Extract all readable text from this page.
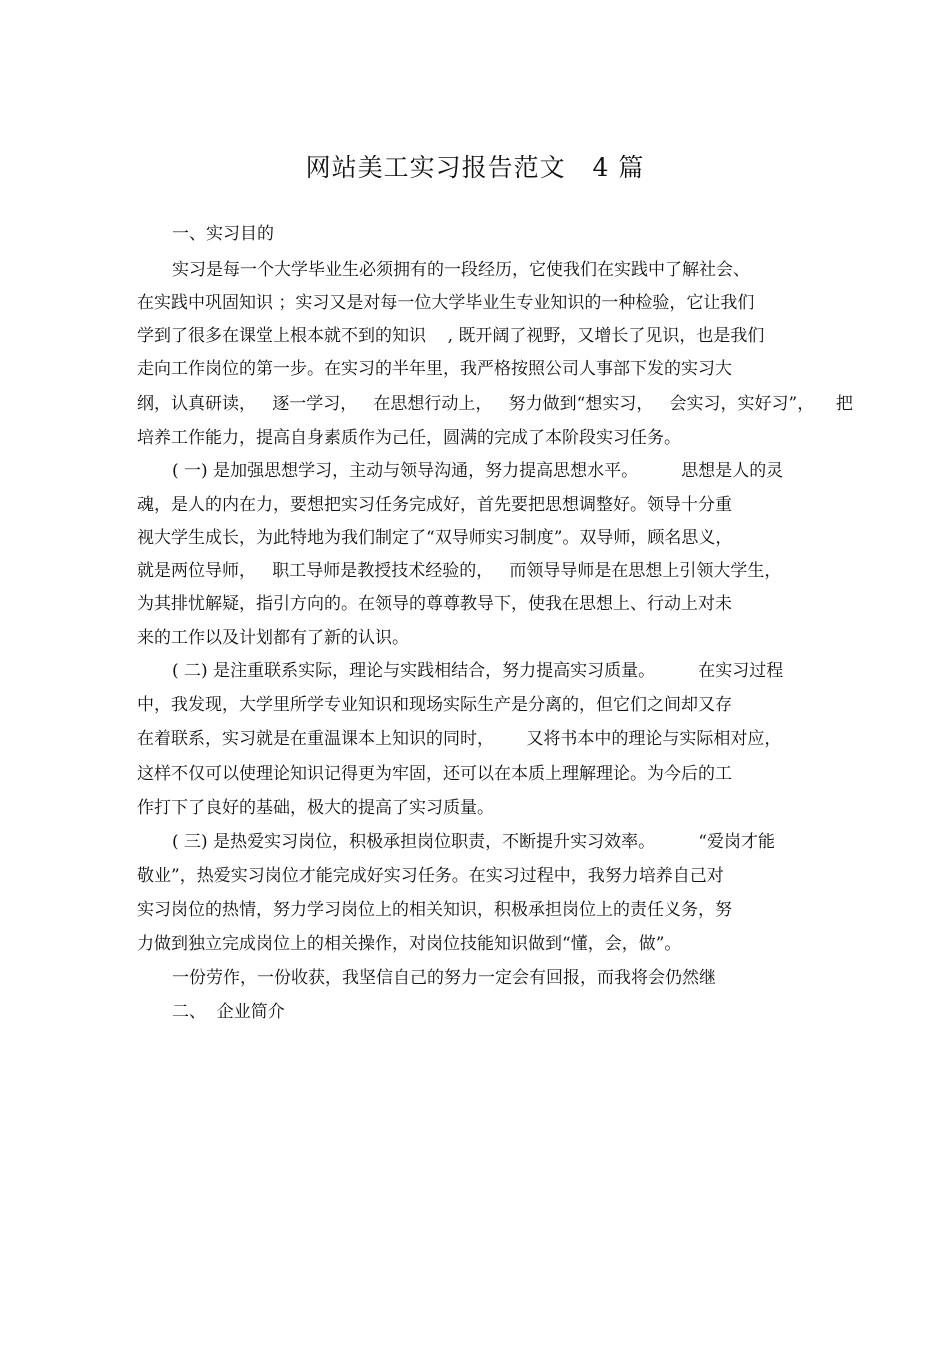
网站美工实习报告范文   4 篇
一、实习目的
实习是每一个大学毕业生必须拥有的一段经历，它使我们在实践中了解社会、
在实践中巩固知识 ；实习又是对每一位大学毕业生专业知识的一种检验，它让我们
学到了很多在课堂上根本就不到的知识    , 既开阔了视野，又增长了见识，也是我们
走向工作岗位的第一步。在实习的半年里，我严格按照公司人事部下发的实习大
纲，认真研读，   逐一学习，   在思想行动上，   努力做到“想实习，   会实习，实好习”，    把
培养工作能力，提高自身素质作为己任，圆满的完成了本阶段实习任务。
( 一) 是加强思想学习，主动与领导沟通，努力提高思想水平。        思想是人的灵
魂，是人的内在力，要想把实习任务完成好，首先要把思想调整好。领导十分重
视大学生成长，为此特地为我们制定了“双导师实习制度”。双导师，顾名思义，
就是两位导师，   职工导师是教授技术经验的，   而领导导师是在思想上引领大学生，
为其排忧解疑，指引方向的。在领导的尊尊教导下，使我在思想上、行动上对未
来的工作以及计划都有了新的认识。
( 二) 是注重联系实际，理论与实践相结合，努力提高实习质量。        在实习过程
中，我发现，大学里所学专业知识和现场实际生产是分离的，但它们之间却又存
在着联系，实习就是在重温课本上知识的同时，      又将书本中的理论与实际相对应，
这样不仅可以使理论知识记得更为牢固，还可以在本质上理解理论。为今后的工
作打下了良好的基础，极大的提高了实习质量。
( 三) 是热爱实习岗位，积极承担岗位职责，不断提升实习效率。        “爱岗才能
敬业”，热爱实习岗位才能完成好实习任务。在实习过程中，我努力培养自己对
实习岗位的热情，努力学习岗位上的相关知识，积极承担岗位上的责任义务，努
力做到独立完成岗位上的相关操作，对岗位技能知识做到“懂，会，做”。
一份劳作，一份收获，我坚信自己的努力一定会有回报，而我将会仍然继
二、  企业简介
